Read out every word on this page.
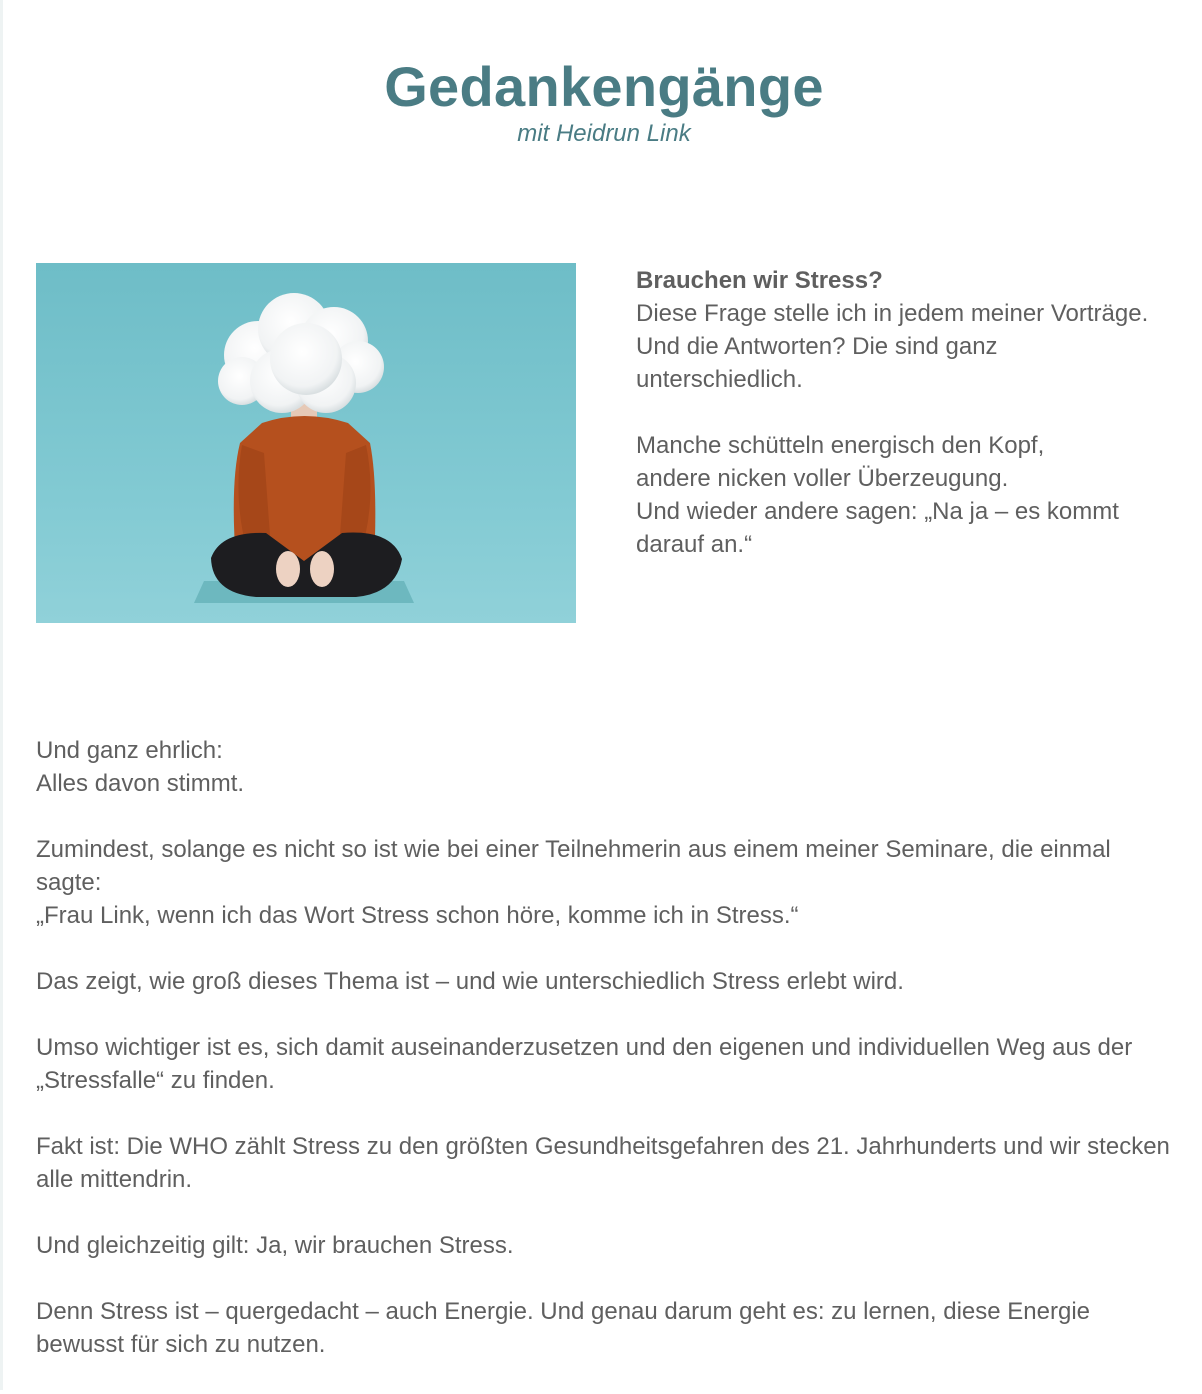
Gedankengänge

mit Heidrun Link

Brauchen wir Stress?

Diese Frage stelle ich in jedem meiner Vorträge.

Und die Antworten? Die sind ganz unterschiedlich.

Manche schütteln energisch den Kopf,

andere nicken voller Überzeugung.

Und wieder andere sagen: „Na ja – es kommt darauf an.“

Und ganz ehrlich:
Alles davon stimmt.

Zumindest, solange es nicht so ist wie bei einer Teilnehmerin aus einem meiner Seminare, die einmal sagte:
„Frau Link, wenn ich das Wort Stress schon höre, komme ich in Stress.“

Das zeigt, wie groß dieses Thema ist – und wie unterschiedlich Stress erlebt wird.

Umso wichtiger ist es, sich damit auseinanderzusetzen und den eigenen und individuellen Weg aus der „Stressfalle“ zu finden.

Fakt ist: Die WHO zählt Stress zu den größten Gesundheitsgefahren des 21. Jahrhunderts und wir stecken alle mittendrin.

Und gleichzeitig gilt: Ja, wir brauchen Stress.

Denn Stress ist – quergedacht – auch Energie. Und genau darum geht es: zu lernen, diese Energie bewusst für sich zu nutzen.
